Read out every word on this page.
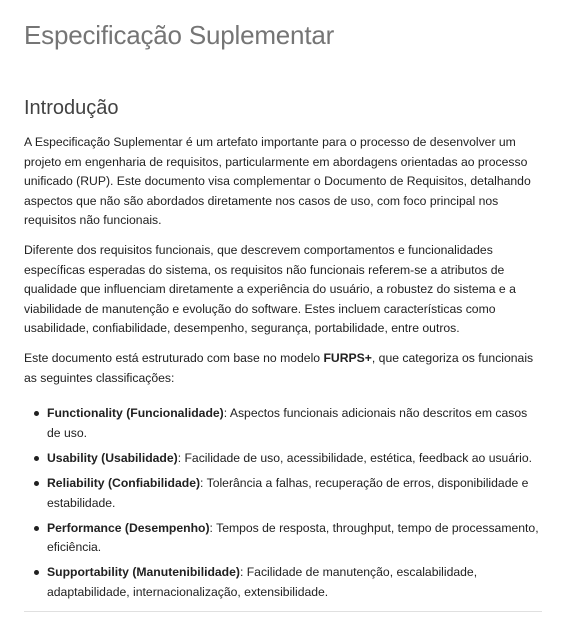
Especificação Suplementar
Introdução

A Especificação Suplementar é um artefato importante para o processo de desenvolver um projeto em engenharia de requisitos, particularmente em abordagens orientadas ao processo unificado (RUP). Este documento visa complementar o Documento de Requisitos, detalhando aspectos que não são abordados diretamente nos casos de uso, com foco principal nos requisitos não funcionais.

Diferente dos requisitos funcionais, que descrevem comportamentos e funcionalidades específicas esperadas do sistema, os requisitos não funcionais referem-se a atributos de qualidade que influenciam diretamente a experiência do usuário, a robustez do sistema e a viabilidade de manutenção e evolução do software. Estes incluem características como usabilidade, confiabilidade, desempenho, segurança, portabilidade, entre outros.

Este documento está estruturado com base no modelo FURPS+, que categoriza os funcionais as seguintes classificações:

Functionality (Funcionalidade): Aspectos funcionais adicionais não descritos em casos de uso.
Usability (Usabilidade): Facilidade de uso, acessibilidade, estética, feedback ao usuário.
Reliability (Confiabilidade): Tolerância a falhas, recuperação de erros, disponibilidade e estabilidade.
Performance (Desempenho): Tempos de resposta, throughput, tempo de processamento, eficiência.
Supportability (Manutenibilidade): Facilidade de manutenção, escalabilidade, adaptabilidade, internacionalização, extensibilidade.
